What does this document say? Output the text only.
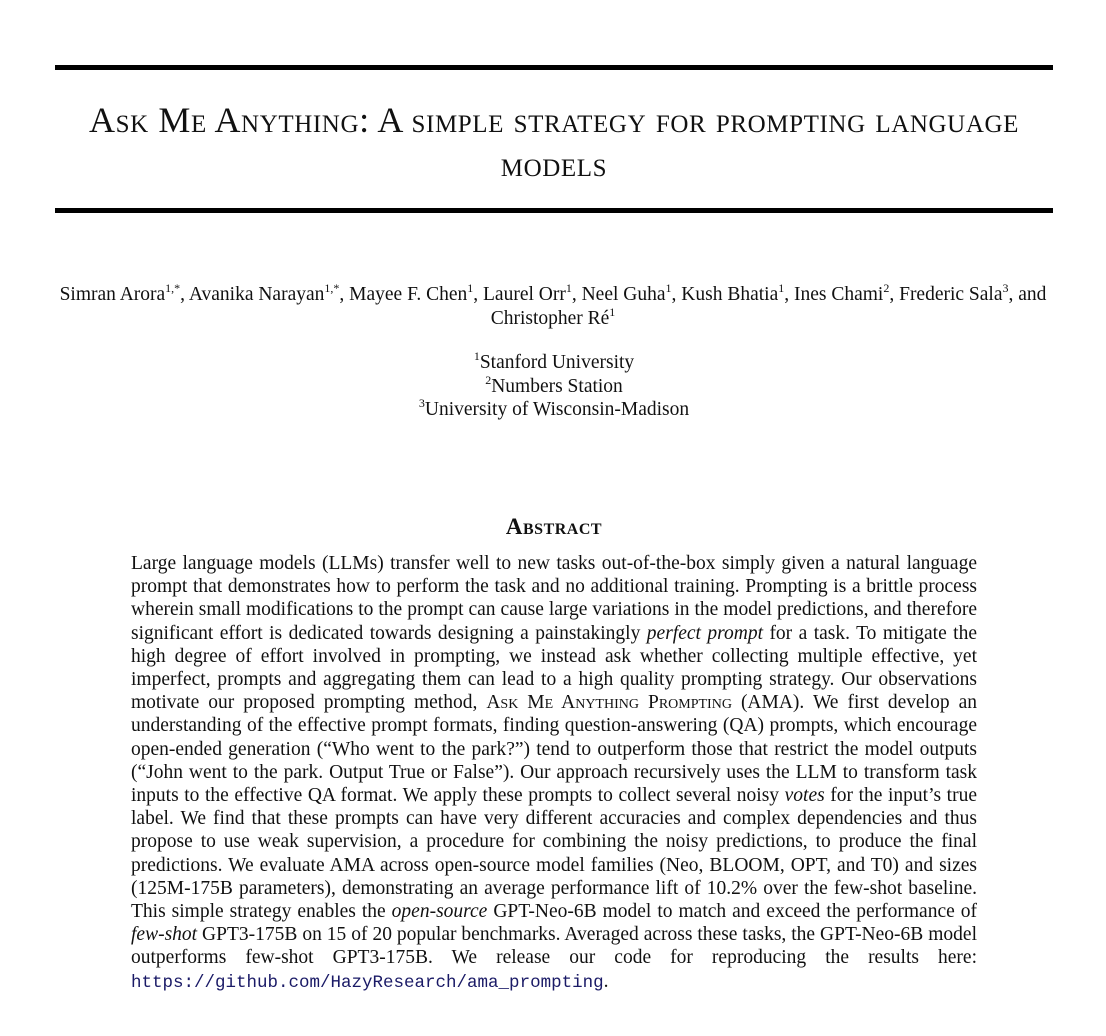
Ask Me Anything: A simple strategy for prompting language models
Simran Arora$^{1,*}$, Avanika Narayan$^{1,*}$, Mayee F. Chen$^1$, Laurel Orr$^1$, Neel Guha$^1$, Kush Bhatia$^1$, Ines Chami$^2$, Frederic Sala$^3$, and Christopher $Ré^1$
$^1$Stanford University
$^2$Numbers Station
$^3$University of Wisconsin-Madison
Abstract

Large language models (LLMs) transfer well to new tasks out-of-the-box simply given a natural language prompt that demonstrates how to perform the task and no additional training. Prompting is a brittle process wherein small modifications to the prompt can cause large variations in the model predictions, and therefore significant effort is dedicated towards designing a painstakingly perfect prompt for a task. To mitigate the high degree of effort involved in prompting, we instead ask whether collecting multiple effective, yet imperfect, prompts and aggregating them can lead to a high quality prompting strategy. Our observations motivate our proposed prompting method, Ask Me Anything Prompting (AMA). We first develop an understanding of the effective prompt formats, finding question-answering (QA) prompts, which encourage open-ended generation (“Who went to the park?”) tend to outperform those that restrict the model outputs (“John went to the park. Output True or False”). Our approach recursively uses the LLM to transform task inputs to the effective QA format. We apply these prompts to collect several noisy votes for the input’s true label. We find that these prompts can have very different accuracies and complex dependencies and thus propose to use weak supervision, a procedure for combining the noisy predictions, to produce the final predictions. We evaluate AMA across open-source model families (Neo, BLOOM, OPT, and T0) and sizes (125M-175B parameters), demonstrating an average performance lift of 10.2% over the few-shot baseline. This simple strategy enables the open-source GPT-Neo-6B model to match and exceed the performance of few-shot GPT3-175B on 15 of 20 popular benchmarks. Averaged across these tasks, the GPT-Neo-6B model outperforms few-shot GPT3-175B. We release our code for reproducing the results here: https://github.com/HazyResearch/ama_prompting.
